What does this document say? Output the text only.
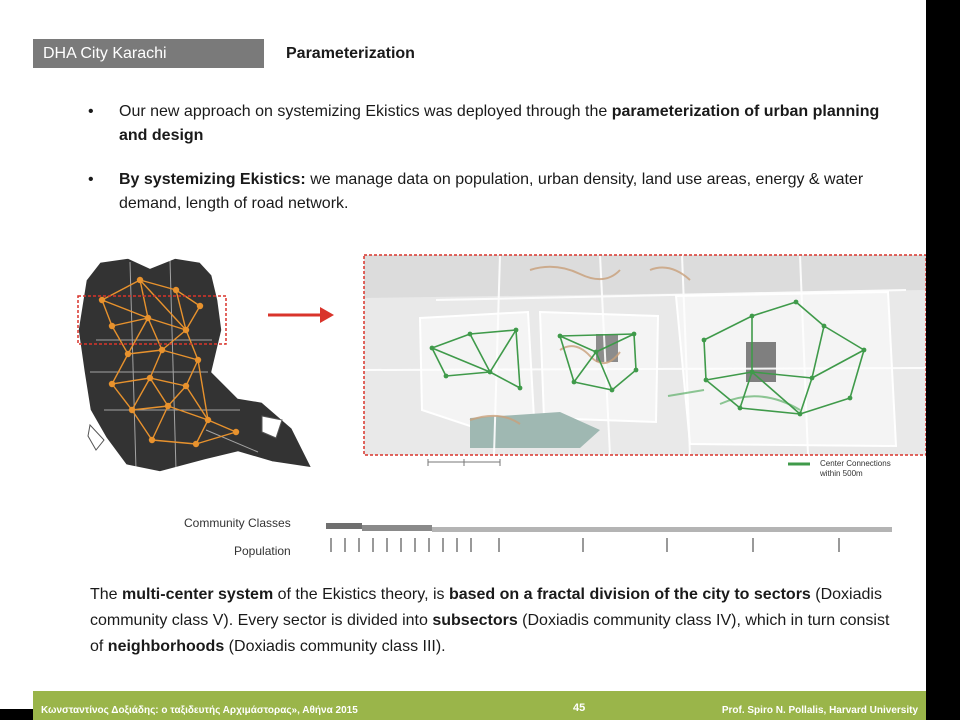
DHA City Karachi	Parameterization
• Our new approach on systemizing Ekistics was deployed through the parameterization of urban planning and design
• By systemizing Ekistics: we manage data on population, urban density, land use areas, energy & water demand, length of road network.
Center Connections
within 500m
Community Classes
Population
The multi-center system of the Ekistics theory, is based on a fractal division of the city to sectors (Doxiadis community class V). Every sector is divided into subsectors (Doxiadis community class IV), which in turn consist of neighborhoods (Doxiadis community class III).
Κωνσταντίνος Δοξιάδης: ο ταξιδευτής Αρχιμάστορας», Αθήνα 2015	45	Prof. Spiro N. Pollalis, Harvard University
